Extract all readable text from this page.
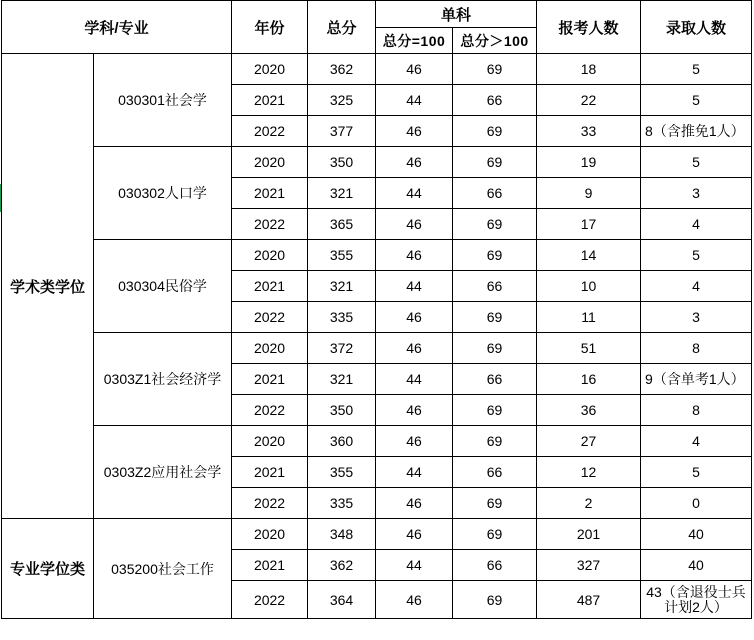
学科/专业		年份	总分	单科		报考人数	录取人数
				总分=100	总分＞100		
学术类学位	030301社会学	2020	362	46	69	18	5
		2021	325	44	66	22	5
		2022	377	46	69	33	8（含推免1人）
	030302人口学	2020	350	46	69	19	5
		2021	321	44	66	9	3
		2022	365	46	69	17	4
	030304民俗学	2020	355	46	69	14	5
		2021	321	44	66	10	4
		2022	335	46	69	11	3
	0303Z1社会经济学	2020	372	46	69	51	8
		2021	321	44	66	16	9（含单考1人）
		2022	350	46	69	36	8
	0303Z2应用社会学	2020	360	46	69	27	4
		2021	355	44	66	12	5
		2022	335	46	69	2	0
专业学位类	035200社会工作	2020	348	46	69	201	40
		2021	362	44	66	327	40
		2022	364	46	69	487	43（含退役士兵计划2人）
